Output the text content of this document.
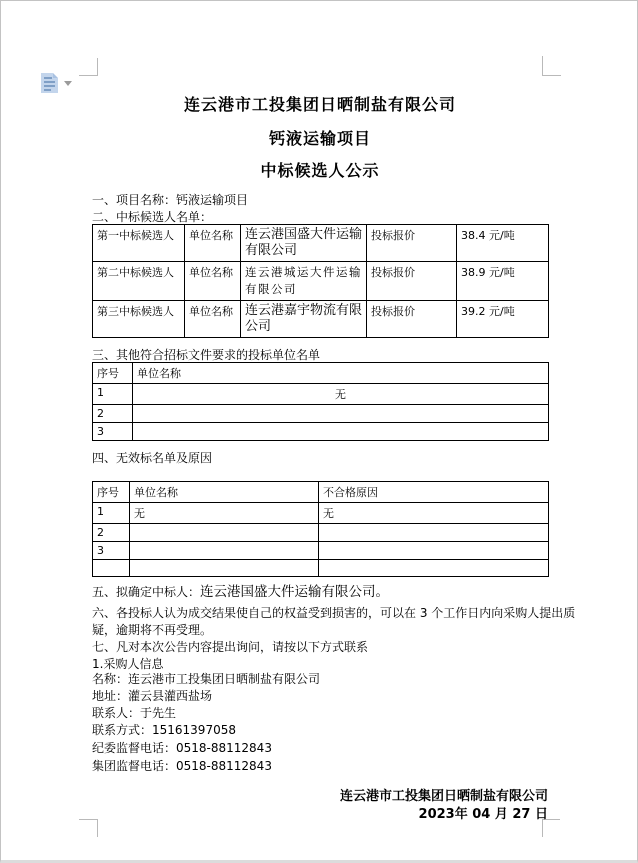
连云港市工投集团日晒制盐有限公司
钙液运输项目
中标候选人公示
一、项目名称：钙液运输项目
二、中标候选人名单：
第一中标候选人	单位名称	连云港国盛大件运输有限公司	投标报价	38.4 元/吨
第二中标候选人	单位名称	连云港城运大件运输有限公司	投标报价	38.9 元/吨
第三中标候选人	单位名称	连云港嘉宇物流有限公司	投标报价	39.2 元/吨
三、其他符合招标文件要求的投标单位名单
序号	单位名称
1	无
2	
3	
四、无效标名单及原因
序号	单位名称	不合格原因
1	无	无
2		
3		

五、拟确定中标人：连云港国盛大件运输有限公司。
六、各投标人认为成交结果使自己的权益受到损害的，可以在 3 个工作日内向采购人提出质
疑，逾期将不再受理。
七、凡对本次公告内容提出询问，请按以下方式联系
1.采购人信息
名称：连云港市工投集团日晒制盐有限公司
地址：灌云县灌西盐场
联系人：于先生
联系方式：15161397058
纪委监督电话：0518-88112843
集团监督电话：0518-88112843
连云港市工投集团日晒制盐有限公司
2023年 04 月 27 日
